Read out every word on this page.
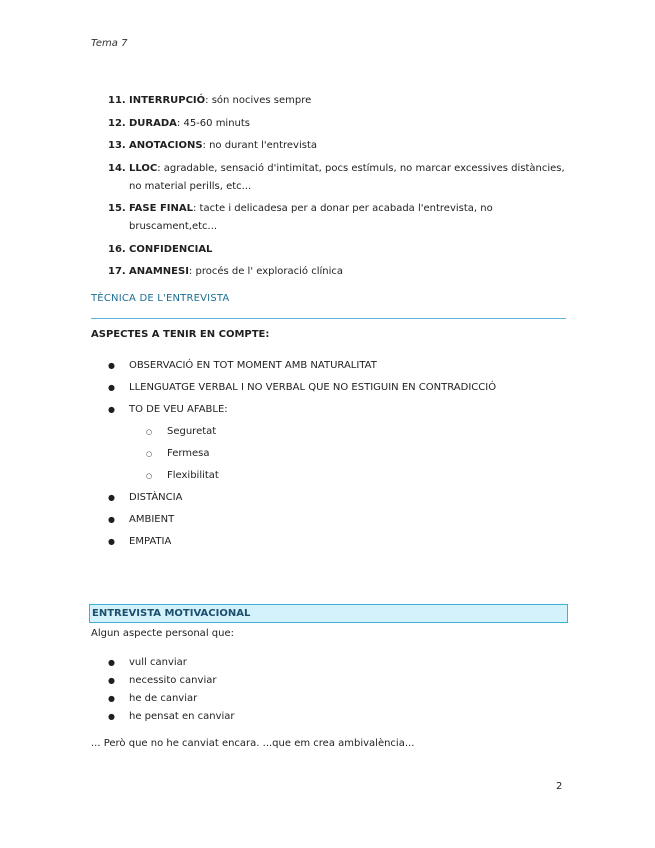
Tema 7
11. INTERRUPCIÓ: són nocives sempre
12. DURADA: 45-60 minuts
13. ANOTACIONS: no durant l'entrevista
14. LLOC: agradable, sensació d'intimitat, pocs estímuls, no marcar excessives distàncies, no material perills, etc...
15. FASE FINAL: tacte i delicadesa per a donar per acabada l'entrevista, no bruscament,etc...
16. CONFIDENCIAL
17. ANAMNESI: procés de l' exploració clínica
TÈCNICA DE L'ENTREVISTA
ASPECTES A TENIR EN COMPTE:
●	OBSERVACIÓ EN TOT MOMENT AMB NATURALITAT
●	LLENGUATGE VERBAL I NO VERBAL QUE NO ESTIGUIN EN CONTRADICCIÓ
●	TO DE VEU AFABLE:
○	Seguretat
○	Fermesa
○	Flexibilitat
●	DISTÀNCIA
●	AMBIENT
●	EMPATIA
ENTREVISTA MOTIVACIONAL
Algun aspecte personal que:
●	vull canviar
●	necessito canviar
●	he de canviar
●	he pensat en canviar
... Però que no he canviat encara. ...que em crea ambivalència...
2
